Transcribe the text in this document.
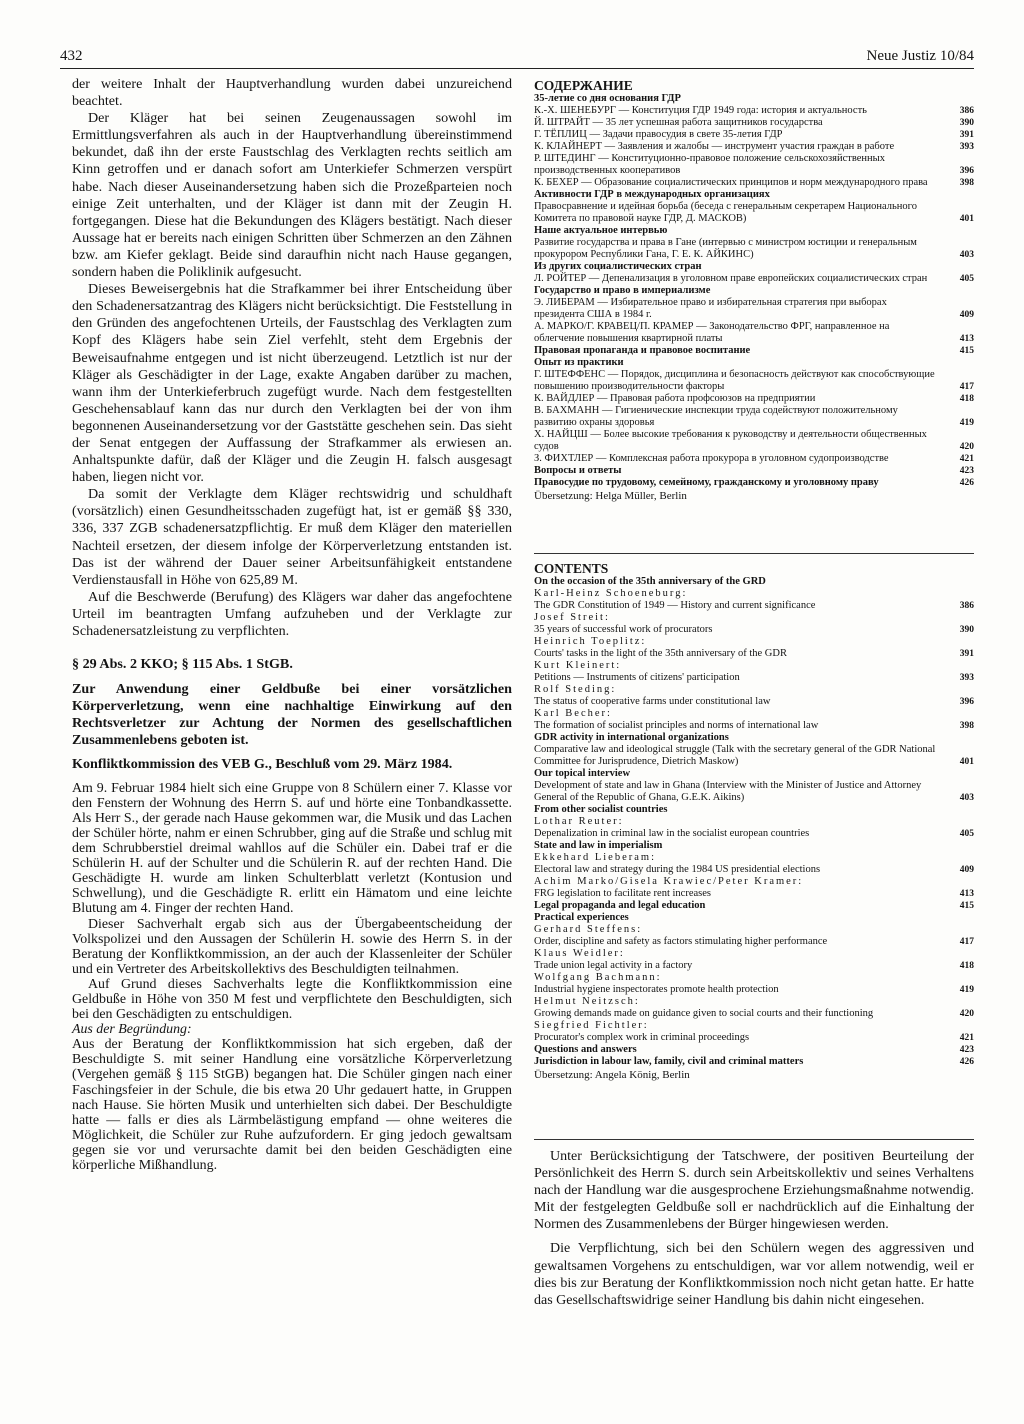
432	Neue Justiz 10/84

der weitere Inhalt der Hauptverhandlung wurden dabei unzureichend beachtet.

Der Kläger hat bei seinen Zeugenaussagen sowohl im Ermittlungsverfahren als auch in der Hauptverhandlung übereinstimmend bekundet, daß ihn der erste Faustschlag des Verklagten rechts seitlich am Kinn getroffen und er danach sofort am Unterkiefer Schmerzen verspürt habe. Nach dieser Auseinandersetzung haben sich die Prozeßparteien noch einige Zeit unterhalten, und der Kläger ist dann mit der Zeugin H. fortgegangen. Diese hat die Bekundungen des Klägers bestätigt. Nach dieser Aussage hat er bereits nach einigen Schritten über Schmerzen an den Zähnen bzw. am Kiefer geklagt. Beide sind daraufhin nicht nach Hause gegangen, sondern haben die Poliklinik aufgesucht.

Dieses Beweisergebnis hat die Strafkammer bei ihrer Entscheidung über den Schadenersatzantrag des Klägers nicht berücksichtigt. Die Feststellung in den Gründen des angefochtenen Urteils, der Faustschlag des Verklagten zum Kopf des Klägers habe sein Ziel verfehlt, steht dem Ergebnis der Beweisaufnahme entgegen und ist nicht überzeugend. Letztlich ist nur der Kläger als Geschädigter in der Lage, exakte Angaben darüber zu machen, wann ihm der Unterkieferbruch zugefügt wurde. Nach dem festgestellten Geschehensablauf kann das nur durch den Verklagten bei der von ihm begonnenen Auseinandersetzung vor der Gaststätte geschehen sein. Das sieht der Senat entgegen der Auffassung der Strafkammer als erwiesen an. Anhaltspunkte dafür, daß der Kläger und die Zeugin H. falsch ausgesagt haben, liegen nicht vor.

Da somit der Verklagte dem Kläger rechtswidrig und schuldhaft (vorsätzlich) einen Gesundheitsschaden zugefügt hat, ist er gemäß §§ 330, 336, 337 ZGB schadenersatzpflichtig. Er muß dem Kläger den materiellen Nachteil ersetzen, der diesem infolge der Körperverletzung entstanden ist. Das ist der während der Dauer seiner Arbeitsunfähigkeit entstandene Verdienstausfall in Höhe von 625,89 M.

Auf die Beschwerde (Berufung) des Klägers war daher das angefochtene Urteil im beantragten Umfang aufzuheben und der Verklagte zur Schadenersatzleistung zu verpflichten.

§ 29 Abs. 2 KKO; § 115 Abs. 1 StGB.

Zur Anwendung einer Geldbuße bei einer vorsätzlichen Körperverletzung, wenn eine nachhaltige Einwirkung auf den Rechtsverletzer zur Achtung der Normen des gesellschaftlichen Zusammenlebens geboten ist.

Konfliktkommission des VEB G., Beschluß vom 29. März 1984.

Am 9. Februar 1984 hielt sich eine Gruppe von 8 Schülern einer 7. Klasse vor den Fenstern der Wohnung des Herrn S. auf und hörte eine Tonbandkassette. Als Herr S., der gerade nach Hause gekommen war, die Musik und das Lachen der Schüler hörte, nahm er einen Schrubber, ging auf die Straße und schlug mit dem Schrubberstiel dreimal wahllos auf die Schüler ein. Dabei traf er die Schülerin H. auf der Schulter und die Schülerin R. auf der rechten Hand. Die Geschädigte H. wurde am linken Schulterblatt verletzt (Kontusion und Schwellung), und die Geschädigte R. erlitt ein Hämatom und eine leichte Blutung am 4. Finger der rechten Hand.

Dieser Sachverhalt ergab sich aus der Übergabeentscheidung der Volkspolizei und den Aussagen der Schülerin H. sowie des Herrn S. in der Beratung der Konfliktkommission, an der auch der Klassenleiter der Schüler und ein Vertreter des Arbeitskollektivs des Beschuldigten teilnahmen.

Auf Grund dieses Sachverhalts legte die Konfliktkommission eine Geldbuße in Höhe von 350 M fest und verpflichtete den Beschuldigten, sich bei den Geschädigten zu entschuldigen.

Aus der Begründung:

Aus der Beratung der Konfliktkommission hat sich ergeben, daß der Beschuldigte S. mit seiner Handlung eine vorsätzliche Körperverletzung (Vergehen gemäß § 115 StGB) begangen hat. Die Schüler gingen nach einer Faschingsfeier in der Schule, die bis etwa 20 Uhr gedauert hatte, in Gruppen nach Hause. Sie hörten Musik und unterhielten sich dabei. Der Beschuldigte hatte — falls er dies als Lärmbelästigung empfand — ohne weiteres die Möglichkeit, die Schüler zur Ruhe aufzufordern. Er ging jedoch gewaltsam gegen sie vor und verursachte damit bei den beiden Geschädigten eine körperliche Mißhandlung.

СОДЕРЖАНИЕ
35-летие со дня основания ГДР
К.-Х. ШЕНЕБУРГ — Конституция ГДР 1949 года: история и актуальность	386
Й. ШТРАЙТ — 35 лет успешная работа защитников государства	390
Г. ТЁПЛИЦ — Задачи правосудия в свете 35-летия ГДР	391
К. КЛАЙНЕРТ — Заявления и жалобы — инструмент участия граждан в работе	393
Р. ШТЕДИНГ — Конституционно-правовое положение сельскохозяйственных производственных кооперативов	396
К. БЕХЕР — Образование социалистических принципов и норм международного права	398
Активности ГДР в международных организациях
Правосравнение и идейная борьба (беседа с генеральным секретарем Национального Комитета по правовой науке ГДР, Д. МАСКОВ)	401
Наше актуальное интервью
Развитие государства и права в Гане (интервью с министром юстиции и генеральным прокурором Республики Гана, Г. Е. К. АЙКИНС)	403
Из других социалистических стран
Л. РОЙТЕР — Депенализация в уголовном праве европейских социалистических стран	405
Государство и право в империализме
Э. ЛИБЕРАМ — Избирательное право и избирательная стратегия при выборах президента США в 1984 г.	409
А. МАРКО/Г. КРАВЕЦ/П. КРАМЕР — Законодательство ФРГ, направленное на облегчение повышения квартирной платы	413
Правовая пропаганда и правовое воспитание	415
Опыт из практики
Г. ШТЕФФЕНС — Порядок, дисциплина и безопасность действуют как способствующие повышению производительности факторы	417
К. ВАЙДЛЕР — Правовая работа профсоюзов на предприятии	418
В. БАХМАНН — Гигиенические инспекции труда содействуют положительному развитию охраны здоровья	419
Х. НАЙЦШ — Более высокие требования к руководству и деятельности общественных судов	420
З. ФИХТЛЕР — Комплексная работа прокурора в уголовном судопроизводстве	421
Вопросы и ответы	423
Правосудие по трудовому, семейному, гражданскому и уголовному праву	426
Übersetzung: Helga Müller, Berlin
CONTENTS
On the occasion of the 35th anniversary of the GRD
Karl-Heinz Schoeneburg:
The GDR Constitution of 1949 — History and current significance	386
Josef Streit:
35 years of successful work of procurators	390
Heinrich Toeplitz:
Courts' tasks in the light of the 35th anniversary of the GDR	391
Kurt Kleinert:
Petitions — Instruments of citizens' participation	393
Rolf Steding:
The status of cooperative farms under constitutional law	396
Karl Becher:
The formation of socialist principles and norms of international law	398
GDR activity in international organizations
Comparative law and ideological struggle (Talk with the secretary general of the GDR National Committee for Jurisprudence, Dietrich Maskow)	401
Our topical interview
Development of state and law in Ghana (Interview with the Minister of Justice and Attorney General of the Republic of Ghana, G.E.K. Aikins)	403
From other socialist countries
Lothar Reuter:
Depenalization in criminal law in the socialist european countries	405
State and law in imperialism
Ekkehard Lieberam:
Electoral law and strategy during the 1984 US presidential elections	409
Achim Marko/Gisela Krawiec/Peter Kramer:
FRG legislation to facilitate rent increases	413
Legal propaganda and legal education	415
Practical experiences
Gerhard Steffens:
Order, discipline and safety as factors stimulating higher performance	417
Klaus Weidler:
Trade union legal activity in a factory	418
Wolfgang Bachmann:
Industrial hygiene inspectorates promote health protection	419
Helmut Neitzsch:
Growing demands made on guidance given to social courts and their functioning	420
Siegfried Fichtler:
Procurator's complex work in criminal proceedings	421
Questions and answers	423
Jurisdiction in labour law, family, civil and criminal matters	426
Übersetzung: Angela König, Berlin

Unter Berücksichtigung der Tatschwere, der positiven Beurteilung der Persönlichkeit des Herrn S. durch sein Arbeitskollektiv und seines Verhaltens nach der Handlung war die ausgesprochene Erziehungsmaßnahme notwendig. Mit der festgelegten Geldbuße soll er nachdrücklich auf die Einhaltung der Normen des Zusammenlebens der Bürger hingewiesen werden.

Die Verpflichtung, sich bei den Schülern wegen des aggressiven und gewaltsamen Vorgehens zu entschuldigen, war vor allem notwendig, weil er dies bis zur Beratung der Konfliktkommission noch nicht getan hatte. Er hatte das Gesellschaftswidrige seiner Handlung bis dahin nicht eingesehen.
